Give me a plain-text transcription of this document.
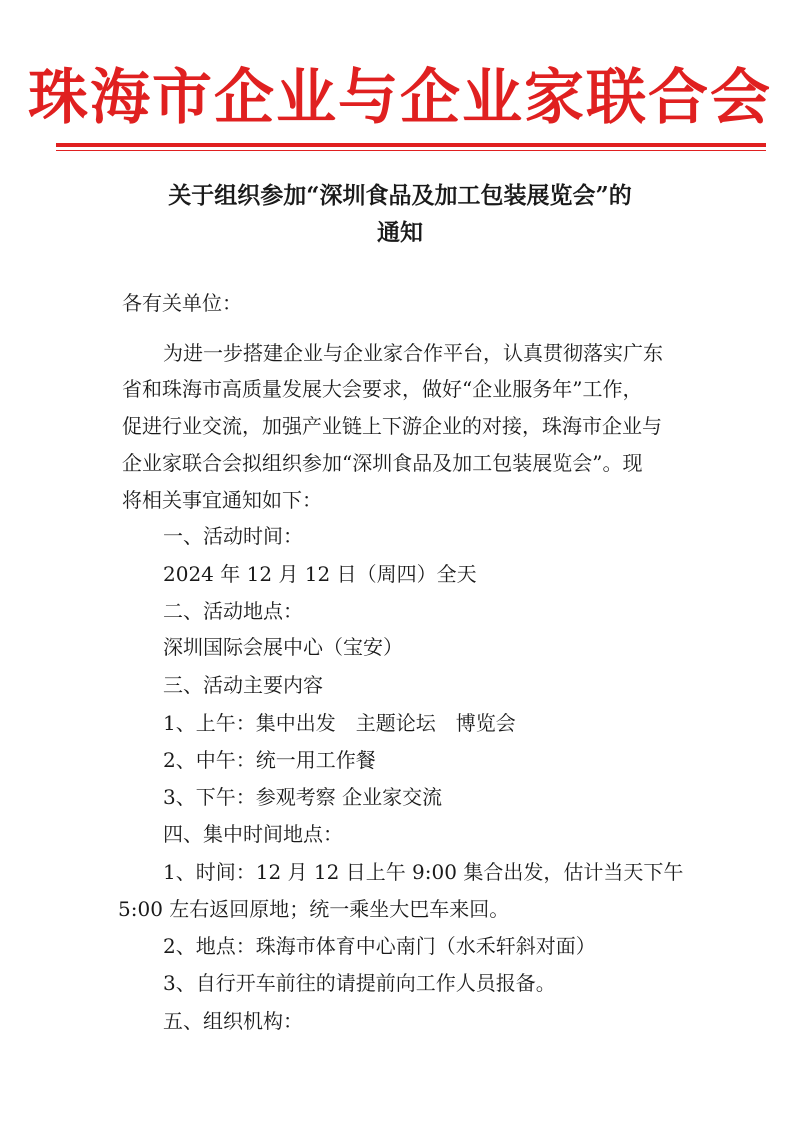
珠海市企业与企业家联合会
关于组织参加“深圳食品及加工包装展览会”的
通知
各有关单位：
为进一步搭建企业与企业家合作平台，认真贯彻落实广东
省和珠海市高质量发展大会要求，做好“企业服务年”工作，
促进行业交流，加强产业链上下游企业的对接，珠海市企业与
企业家联合会拟组织参加“深圳食品及加工包装展览会”。现
将相关事宜通知如下：
一、活动时间：
2024 年 12 月 12 日（周四）全天
二、活动地点：
深圳国际会展中心（宝安）
三、活动主要内容
1、上午：集中出发　主题论坛　博览会
2、中午：统一用工作餐
3、下午：参观考察 企业家交流
四、集中时间地点：
1、时间：12 月 12 日上午 9:00 集合出发，估计当天下午
5:00 左右返回原地；统一乘坐大巴车来回。
2、地点：珠海市体育中心南门（水禾轩斜对面）
3、自行开车前往的请提前向工作人员报备。
五、组织机构：
